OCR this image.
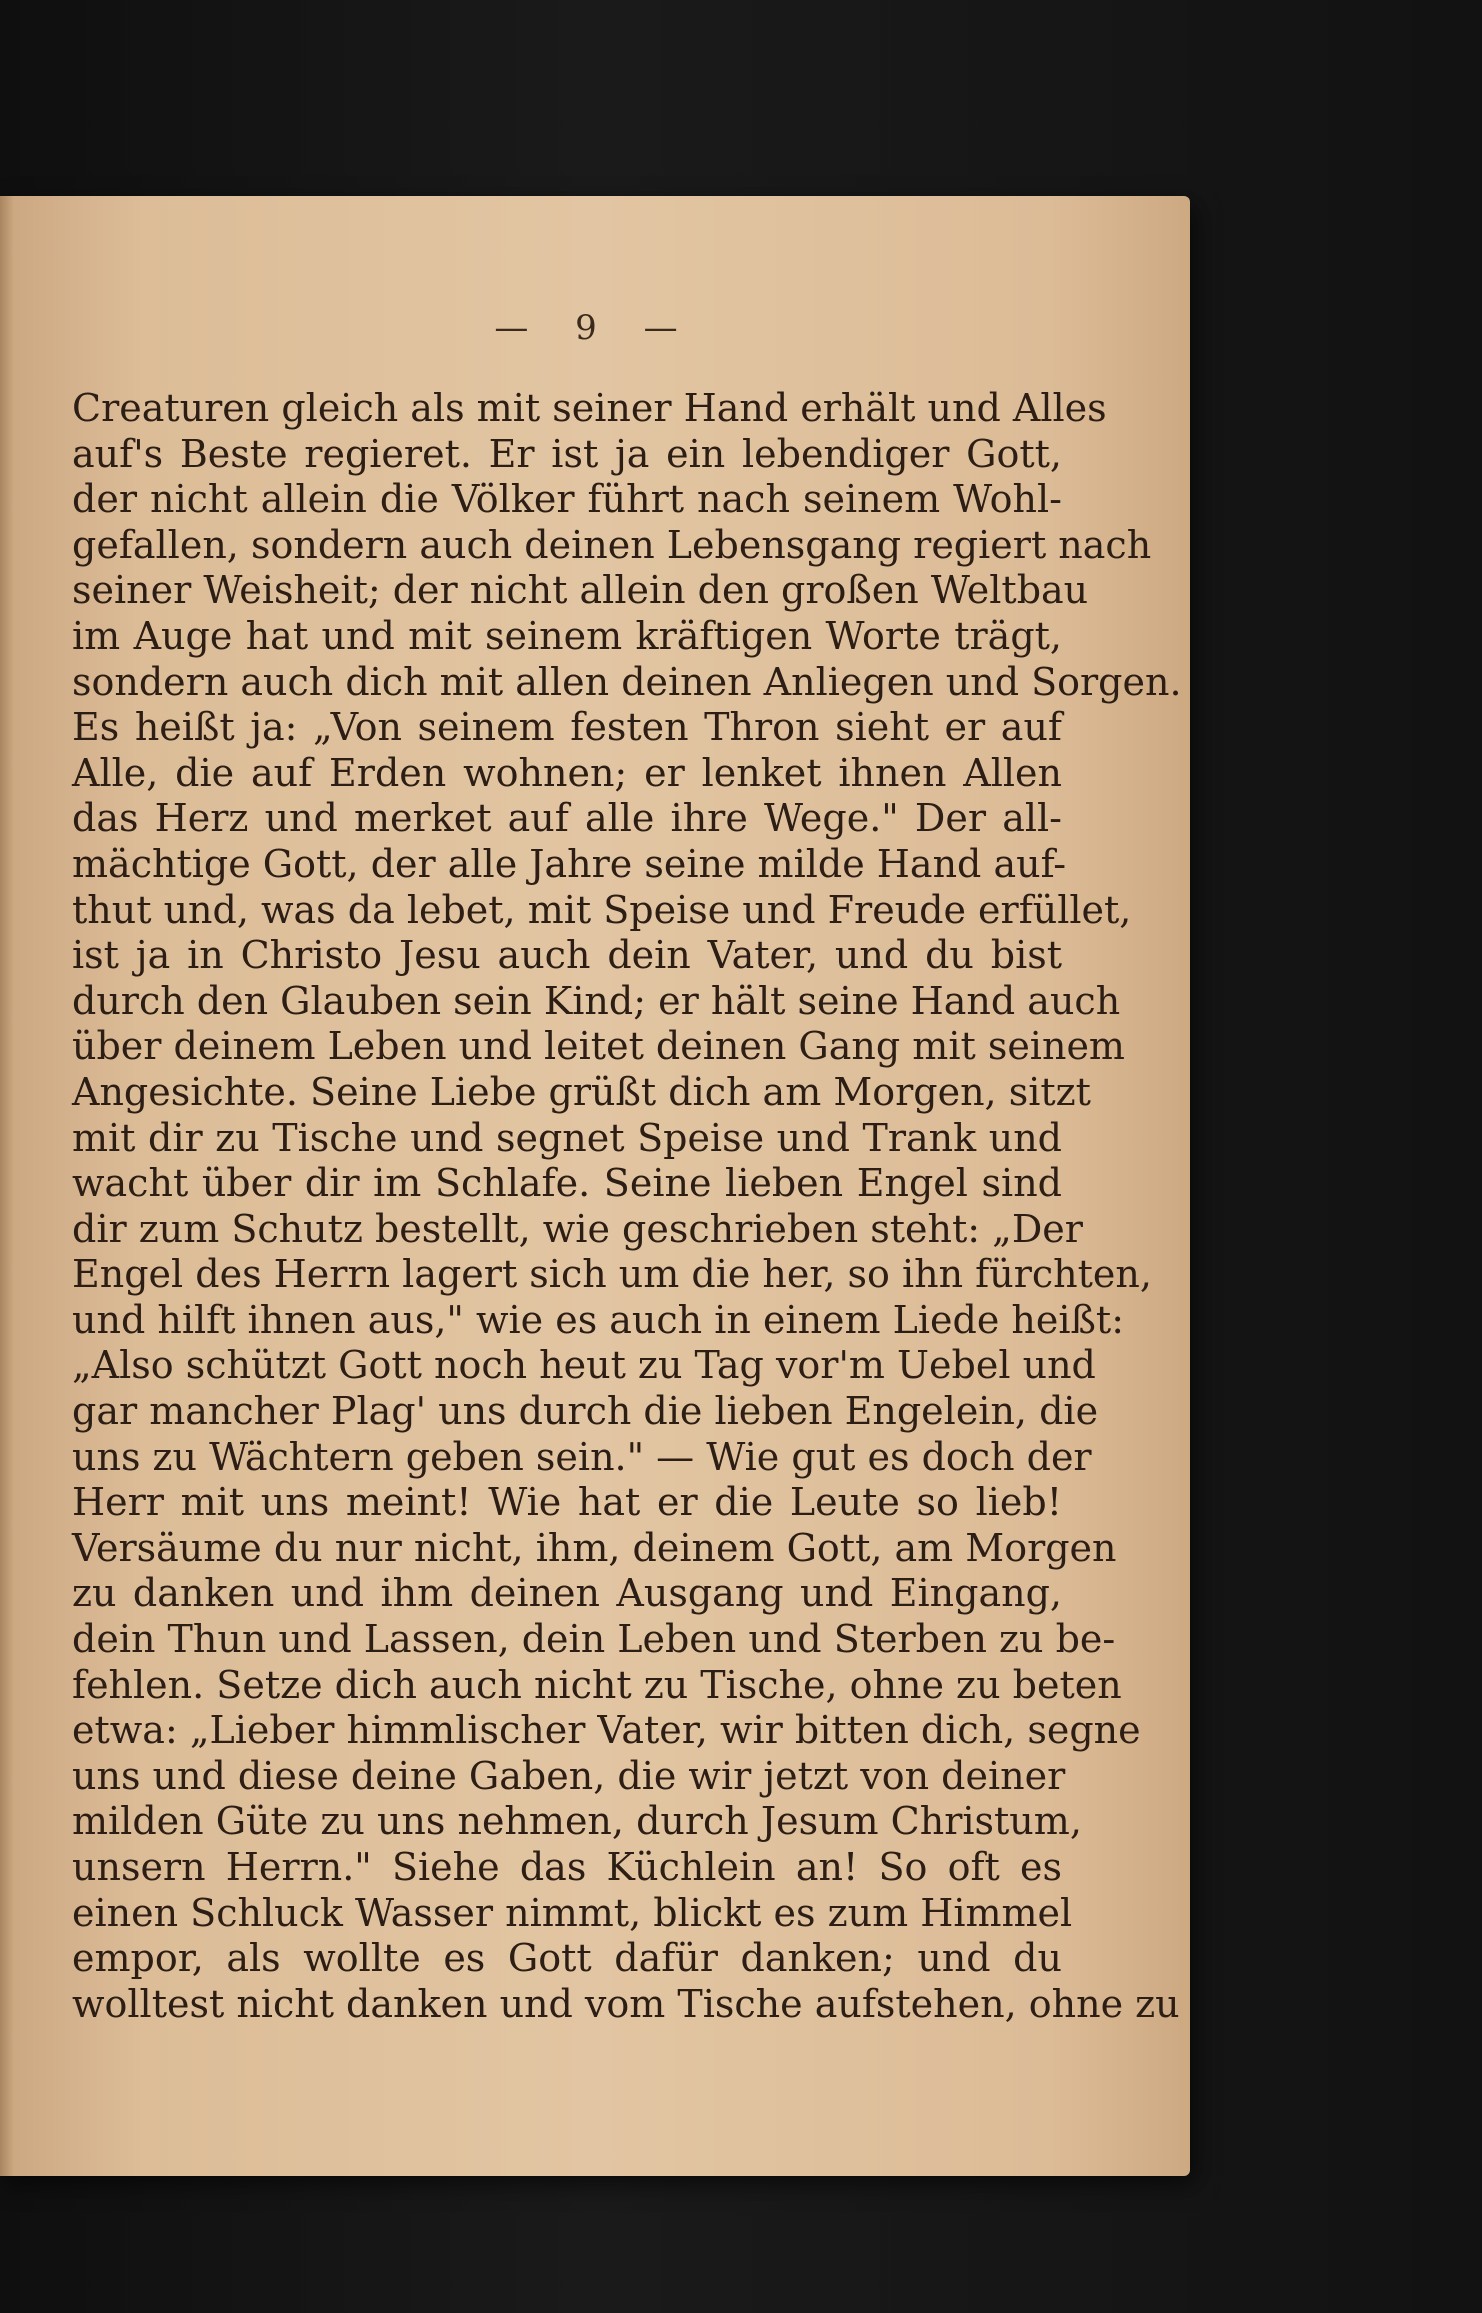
— 9 —
Creaturen gleich als mit seiner Hand erhält und Alles
auf's Beste regieret. Er ist ja ein lebendiger Gott,
der nicht allein die Völker führt nach seinem Wohl-
gefallen, sondern auch deinen Lebensgang regiert nach
seiner Weisheit; der nicht allein den großen Weltbau
im Auge hat und mit seinem kräftigen Worte trägt,
sondern auch dich mit allen deinen Anliegen und Sorgen.
Es heißt ja: „Von seinem festen Thron sieht er auf
Alle, die auf Erden wohnen; er lenket ihnen Allen
das Herz und merket auf alle ihre Wege." Der all-
mächtige Gott, der alle Jahre seine milde Hand auf-
thut und, was da lebet, mit Speise und Freude erfüllet,
ist ja in Christo Jesu auch dein Vater, und du bist
durch den Glauben sein Kind; er hält seine Hand auch
über deinem Leben und leitet deinen Gang mit seinem
Angesichte. Seine Liebe grüßt dich am Morgen, sitzt
mit dir zu Tische und segnet Speise und Trank und
wacht über dir im Schlafe. Seine lieben Engel sind
dir zum Schutz bestellt, wie geschrieben steht: „Der
Engel des Herrn lagert sich um die her, so ihn fürchten,
und hilft ihnen aus," wie es auch in einem Liede heißt:
„Also schützt Gott noch heut zu Tag vor'm Uebel und
gar mancher Plag' uns durch die lieben Engelein, die
uns zu Wächtern geben sein." — Wie gut es doch der
Herr mit uns meint! Wie hat er die Leute so lieb!
Versäume du nur nicht, ihm, deinem Gott, am Morgen
zu danken und ihm deinen Ausgang und Eingang,
dein Thun und Lassen, dein Leben und Sterben zu be-
fehlen. Setze dich auch nicht zu Tische, ohne zu beten
etwa: „Lieber himmlischer Vater, wir bitten dich, segne
uns und diese deine Gaben, die wir jetzt von deiner
milden Güte zu uns nehmen, durch Jesum Christum,
unsern Herrn." Siehe das Küchlein an! So oft es
einen Schluck Wasser nimmt, blickt es zum Himmel
empor, als wollte es Gott dafür danken; und du
wolltest nicht danken und vom Tische aufstehen, ohne zu
